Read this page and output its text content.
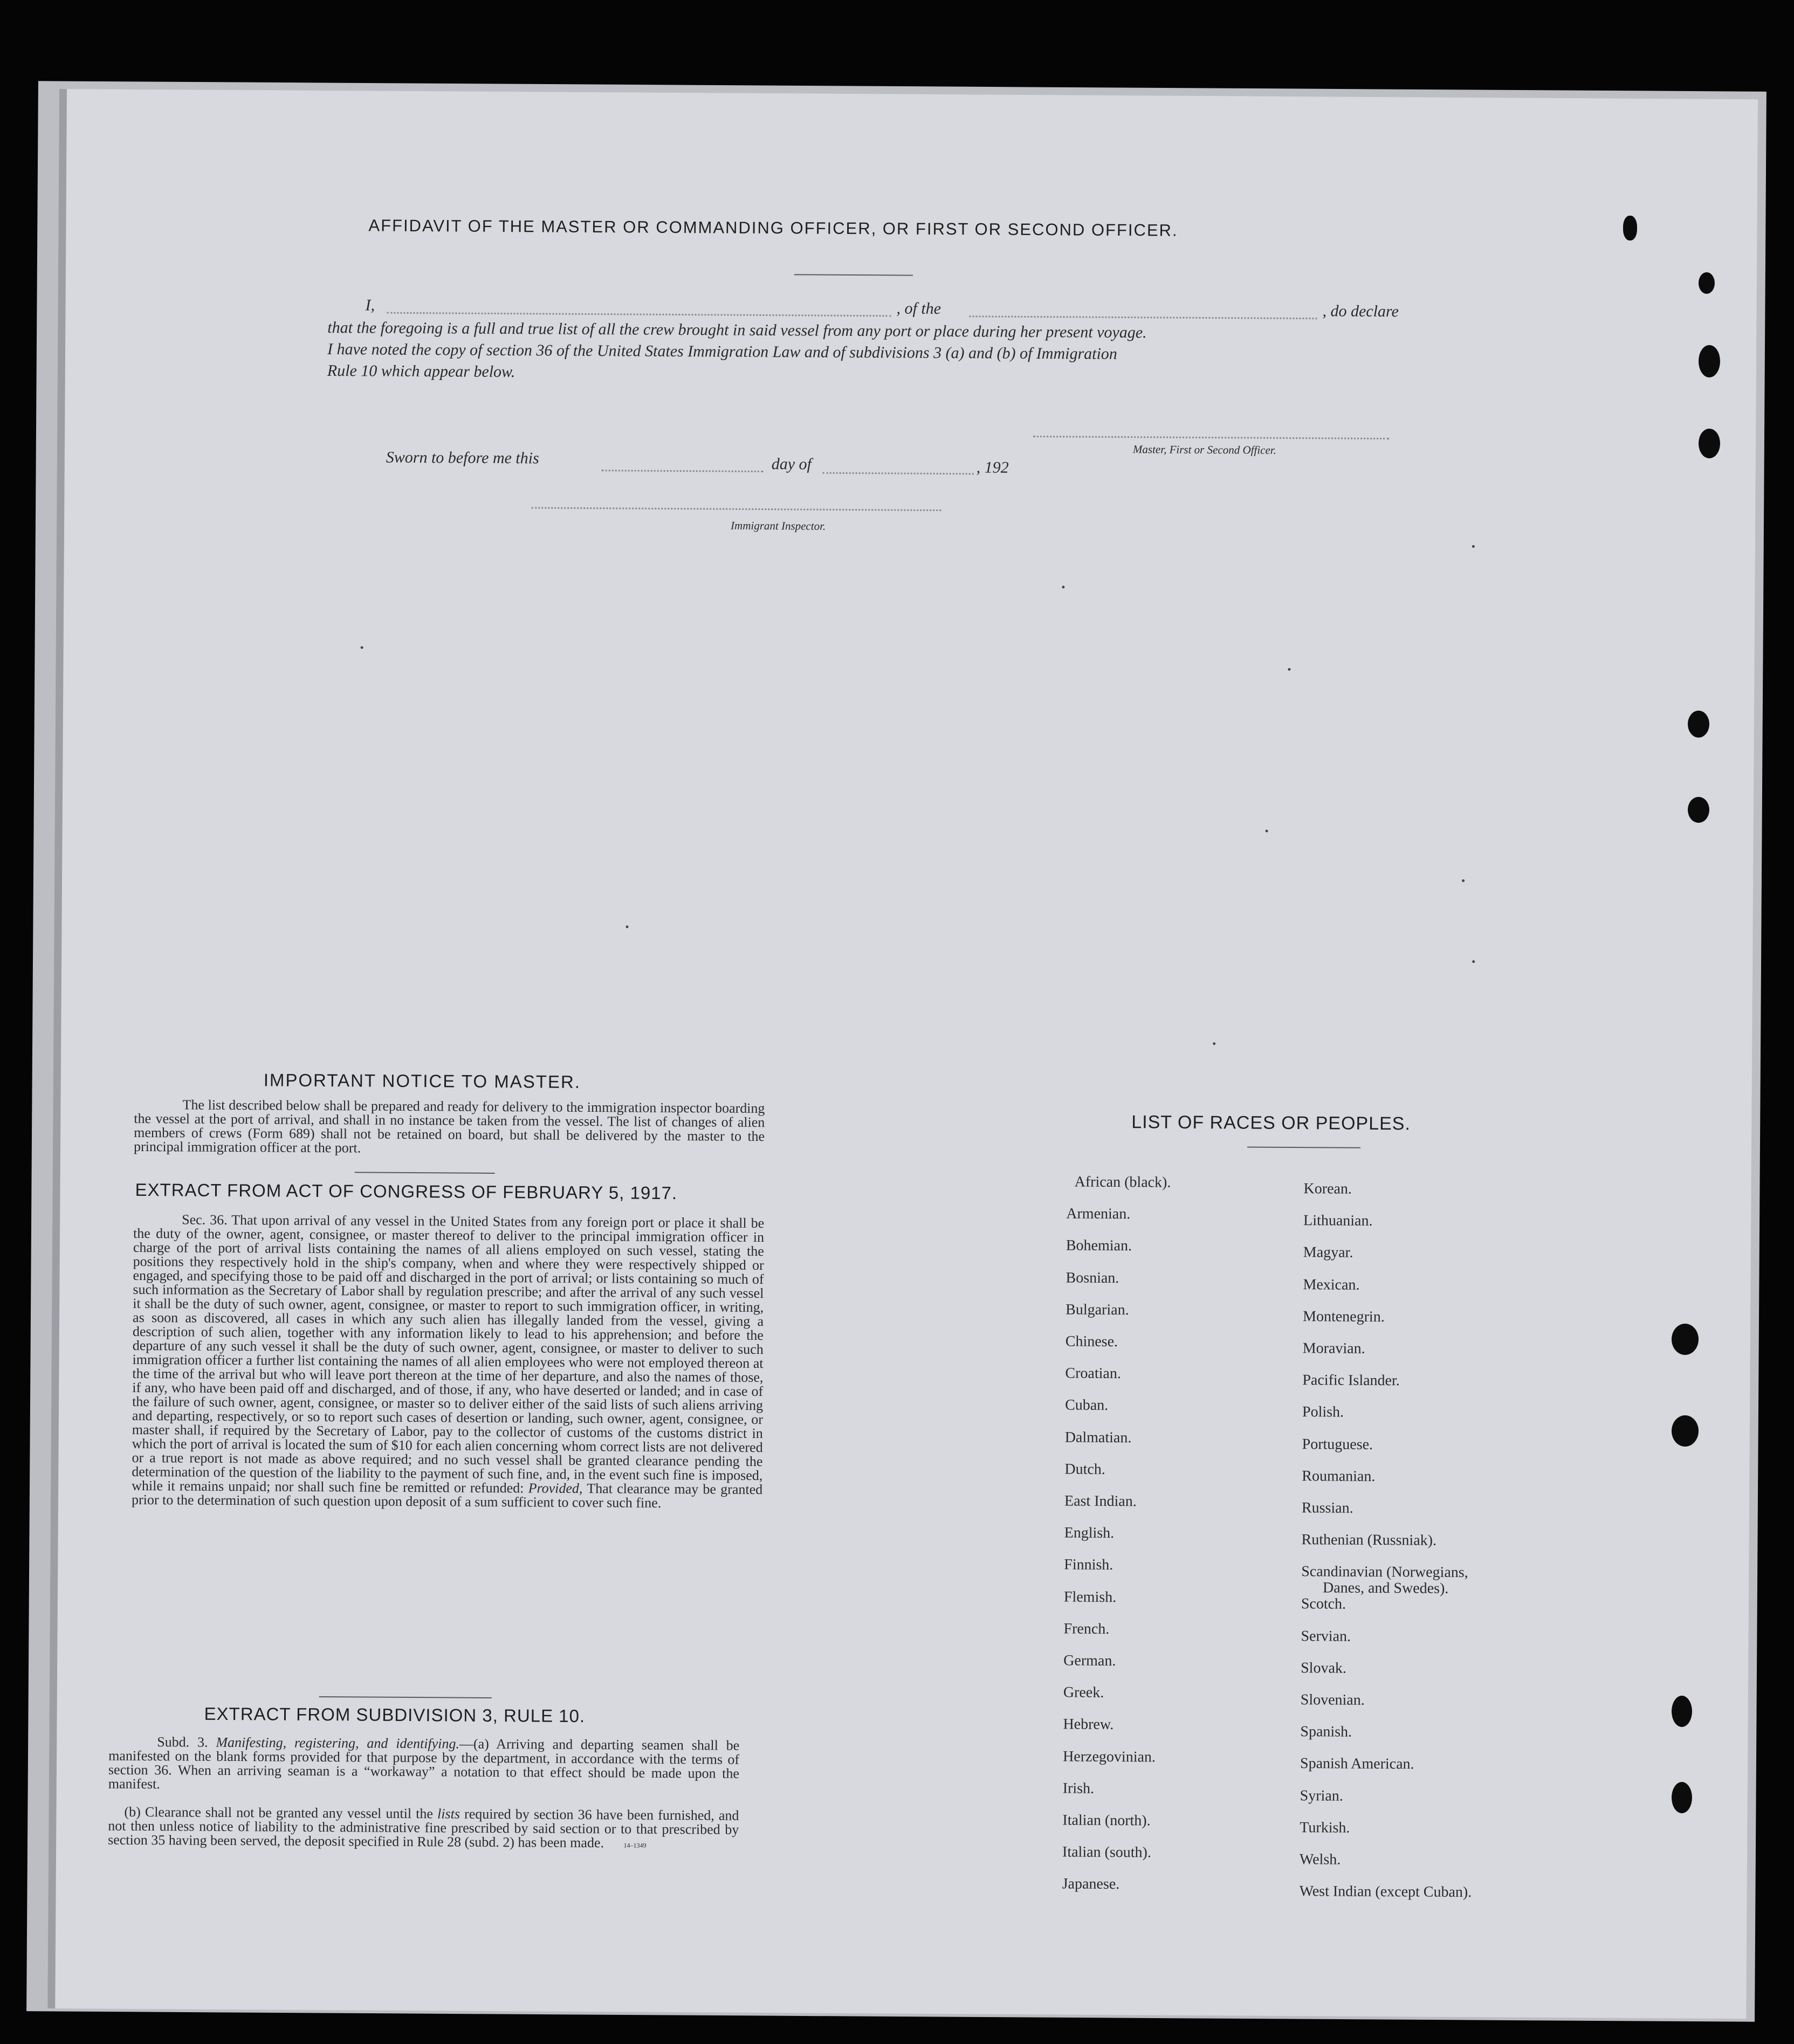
AFFIDAVIT OF THE MASTER OR COMMANDING OFFICER, OR FIRST OR SECOND OFFICER.
I,	, of the	, do declare
that the foregoing is a full and true list of all the crew brought in said vessel from any port or place during her present voyage.
I have noted the copy of section 36 of the United States Immigration Law and of subdivisions 3 (a) and (b) of Immigration
Rule 10 which appear below.
Master, First or Second Officer.
Sworn to before me this	day of	, 192
Immigrant Inspector.
IMPORTANT NOTICE TO MASTER.
The list described below shall be prepared and ready for delivery to the immigration inspector boarding the vessel at the port of arrival, and shall in no instance be taken from the vessel. The list of changes of alien members of crews (Form 689) shall not be retained on board, but shall be delivered by the master to the principal immigration officer at the port.
EXTRACT FROM ACT OF CONGRESS OF FEBRUARY 5, 1917.
Sec. 36. That upon arrival of any vessel in the United States from any foreign port or place it shall be the duty of the owner, agent, consignee, or master thereof to deliver to the principal immigration officer in charge of the port of arrival lists containing the names of all aliens employed on such vessel, stating the positions they respectively hold in the ship's company, when and where they were respectively shipped or engaged, and specifying those to be paid off and discharged in the port of arrival; or lists containing so much of such information as the Secretary of Labor shall by regulation prescribe; and after the arrival of any such vessel it shall be the duty of such owner, agent, consignee, or master to report to such immigration officer, in writing, as soon as discovered, all cases in which any such alien has illegally landed from the vessel, giving a description of such alien, together with any information likely to lead to his apprehension; and before the departure of any such vessel it shall be the duty of such owner, agent, consignee, or master to deliver to such immigration officer a further list containing the names of all alien employees who were not employed thereon at the time of the arrival but who will leave port thereon at the time of her departure, and also the names of those, if any, who have been paid off and discharged, and of those, if any, who have deserted or landed; and in case of the failure of such owner, agent, consignee, or master so to deliver either of the said lists of such aliens arriving and departing, respectively, or so to report such cases of desertion or landing, such owner, agent, consignee, or master shall, if required by the Secretary of Labor, pay to the collector of customs of the customs district in which the port of arrival is located the sum of $10 for each alien concerning whom correct lists are not delivered or a true report is not made as above required; and no such vessel shall be granted clearance pending the determination of the question of the liability to the payment of such fine, and, in the event such fine is imposed, while it remains unpaid; nor shall such fine be remitted or refunded: Provided, That clearance may be granted prior to the determination of such question upon deposit of a sum sufficient to cover such fine.
EXTRACT FROM SUBDIVISION 3, RULE 10.
Subd. 3. Manifesting, registering, and identifying.—(a) Arriving and departing seamen shall be manifested on the blank forms provided for that purpose by the department, in accordance with the terms of section 36. When an arriving seaman is a “workaway” a notation to that effect should be made upon the manifest.
(b) Clearance shall not be granted any vessel until the lists required by section 36 have been furnished, and not then unless notice of liability to the administrative fine prescribed by said section or to that prescribed by section 35 having been served, the deposit specified in Rule 28 (subd. 2) has been made.	14–1349
LIST OF RACES OR PEOPLES.
African (black).
Armenian.
Bohemian.
Bosnian.
Bulgarian.
Chinese.
Croatian.
Cuban.
Dalmatian.
Dutch.
East Indian.
English.
Finnish.
Flemish.
French.
German.
Greek.
Hebrew.
Herzegovinian.
Irish.
Italian (north).
Italian (south).
Japanese.
Korean.
Lithuanian.
Magyar.
Mexican.
Montenegrin.
Moravian.
Pacific Islander.
Polish.
Portuguese.
Roumanian.
Russian.
Ruthenian (Russniak).
Scandinavian (Norwegians,
Danes, and Swedes).
Scotch.
Servian.
Slovak.
Slovenian.
Spanish.
Spanish American.
Syrian.
Turkish.
Welsh.
West Indian (except Cuban).
